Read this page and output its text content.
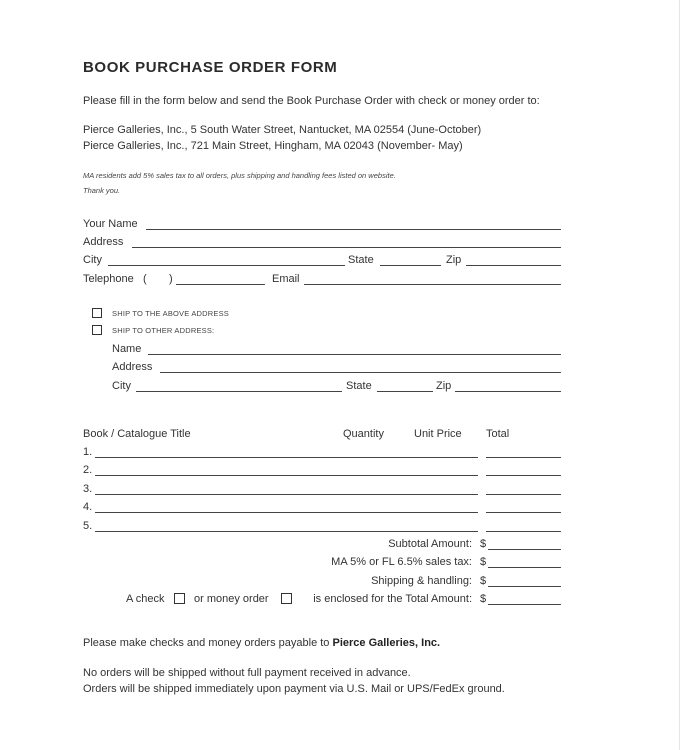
BOOK PURCHASE ORDER FORM
Please fill in the form below and send the Book Purchase Order with check or money order to:
Pierce Galleries, Inc., 5 South Water Street, Nantucket, MA 02554 (June-October)
Pierce Galleries, Inc., 721 Main Street, Hingham, MA 02043 (November- May)
MA residents add 5% sales tax to all orders, plus shipping and handling fees listed on website.
Thank you.
Your Name
Address
City	State	Zip
Telephone ( )	Email
SHIP TO THE ABOVE ADDRESS
SHIP TO OTHER ADDRESS:
Name
Address
City	State	Zip
Book / Catalogue Title	Quantity	Unit Price Total
1.
2.
3.
4.
5.
Subtotal Amount: $
MA 5% or FL 6.5% sales tax: $
Shipping & handling: $
A check	or money order	is enclosed for the Total Amount: $
Please make checks and money orders payable to Pierce Galleries, Inc.
No orders will be shipped without full payment received in advance.
Orders will be shipped immediately upon payment via U.S. Mail or UPS/FedEx ground.
